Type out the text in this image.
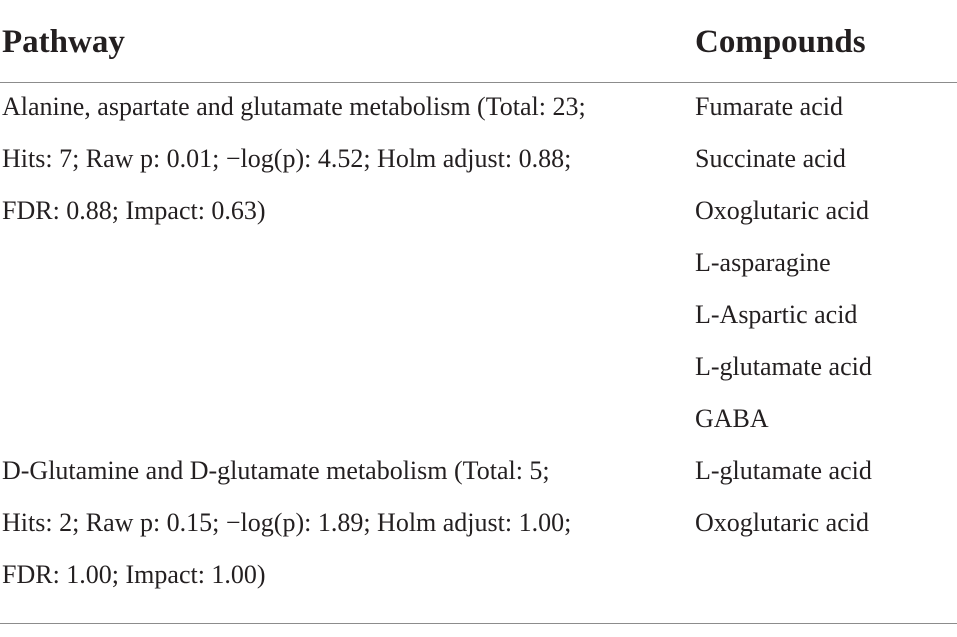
Pathway	Compounds
Alanine, aspartate and glutamate metabolism (Total: 23;
Hits: 7; Raw p: 0.01; −log(p): 4.52; Holm adjust: 0.88;
FDR: 0.88; Impact: 0.63)
Fumarate acid
Succinate acid
Oxoglutaric acid
L-asparagine
L-Aspartic acid
L-glutamate acid
GABA
D-Glutamine and D-glutamate metabolism (Total: 5;
Hits: 2; Raw p: 0.15; −log(p): 1.89; Holm adjust: 1.00;
FDR: 1.00; Impact: 1.00)
L-glutamate acid
Oxoglutaric acid
